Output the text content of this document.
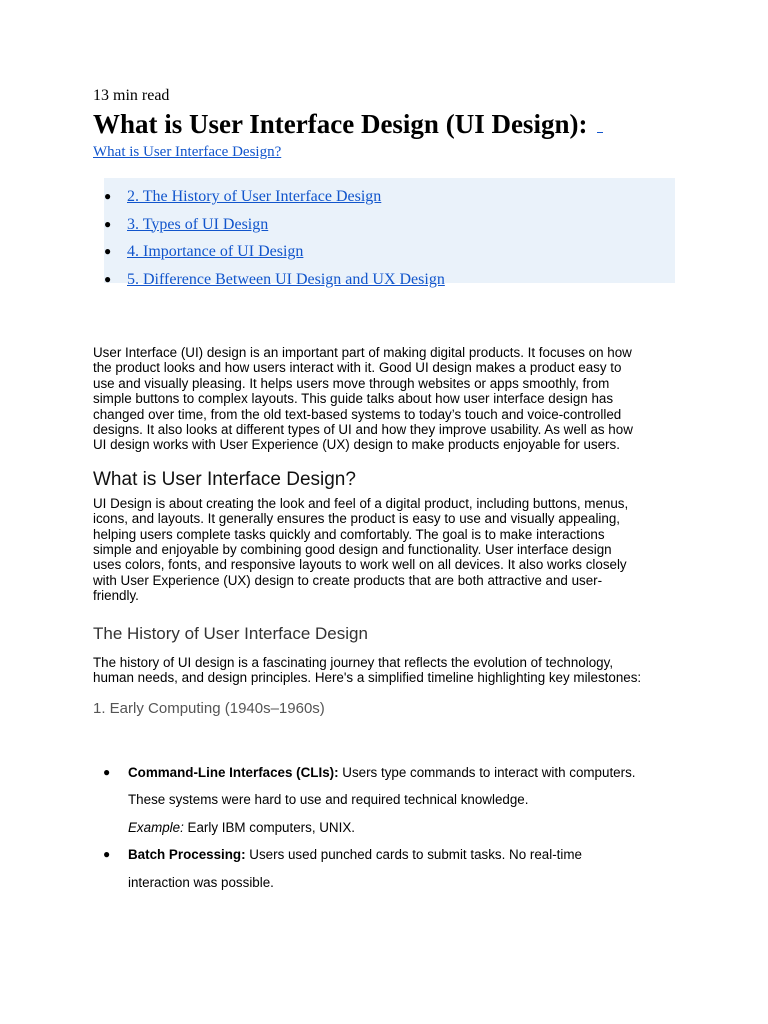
13 min read

What is User Interface Design (UI Design):
What is User Interface Design?
● 2. The History of User Interface Design
● 3. Types of UI Design
● 4. Importance of UI Design
● 5. Difference Between UI Design and UX Design

User Interface (UI) design is an important part of making digital products. It focuses on how
the product looks and how users interact with it. Good UI design makes a product easy to
use and visually pleasing. It helps users move through websites or apps smoothly, from
simple buttons to complex layouts. This guide talks about how user interface design has
changed over time, from the old text-based systems to today’s touch and voice-controlled
designs. It also looks at different types of UI and how they improve usability. As well as how
UI design works with User Experience (UX) design to make products enjoyable for users.

What is User Interface Design?

UI Design is about creating the look and feel of a digital product, including buttons, menus,
icons, and layouts. It generally ensures the product is easy to use and visually appealing,
helping users complete tasks quickly and comfortably. The goal is to make interactions
simple and enjoyable by combining good design and functionality. User interface design
uses colors, fonts, and responsive layouts to work well on all devices. It also works closely
with User Experience (UX) design to create products that are both attractive and user-
friendly.

The History of User Interface Design

The history of UI design is a fascinating journey that reflects the evolution of technology,
human needs, and design principles. Here's a simplified timeline highlighting key milestones:

1. Early Computing (1940s–1960s)
● Command-Line Interfaces (CLIs): Users type commands to interact with computers.
These systems were hard to use and required technical knowledge.
Example: Early IBM computers, UNIX.
● Batch Processing: Users used punched cards to submit tasks. No real-time
interaction was possible.
